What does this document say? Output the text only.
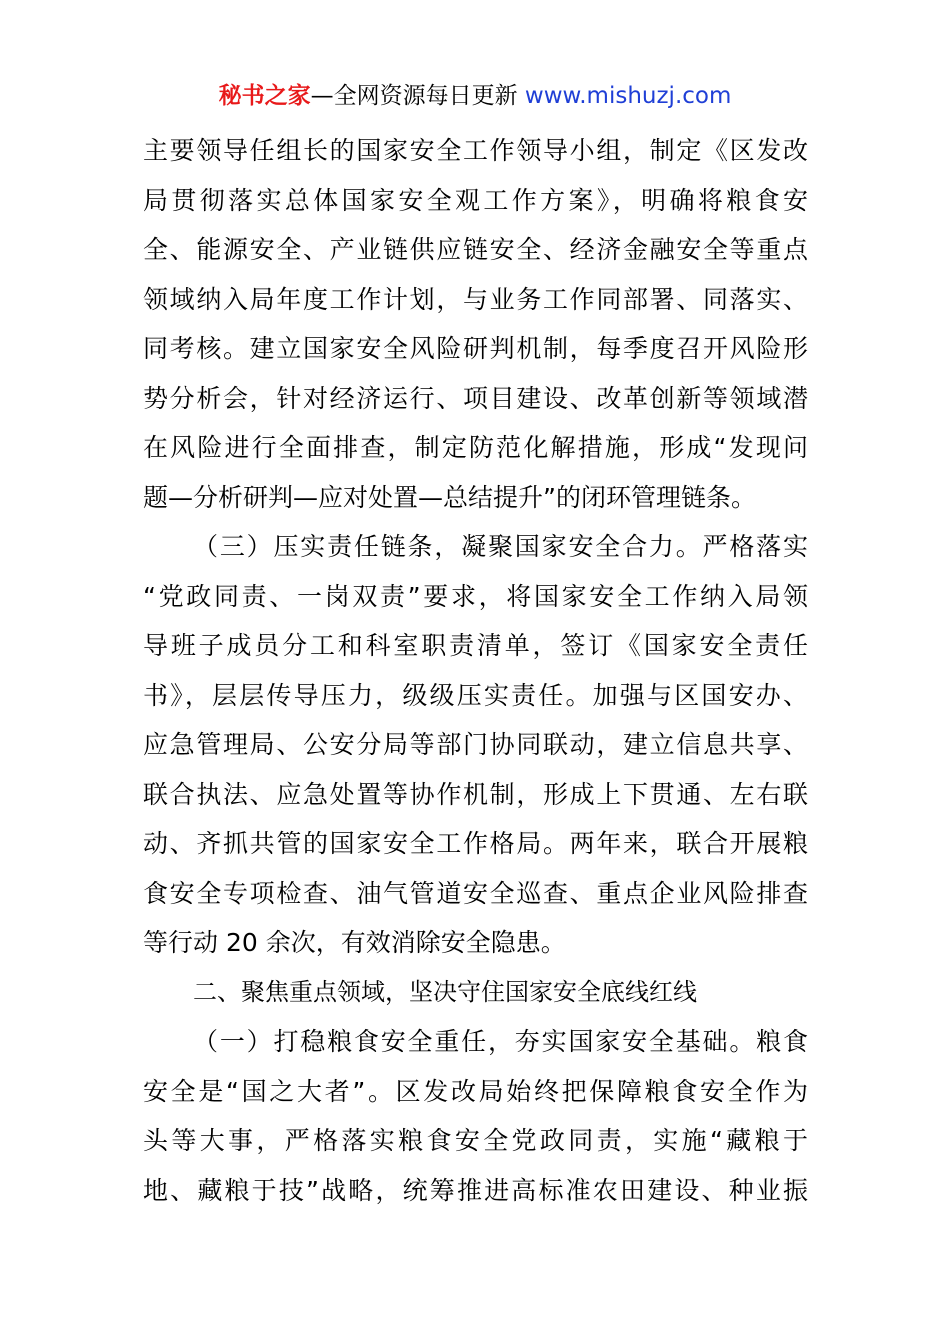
秘书之家—全网资源每日更新 www.mishuzj.com
主要领导任组长的国家安全工作领导小组，制定《区发改
局贯彻落实总体国家安全观工作方案》，明确将粮食安
全、能源安全、产业链供应链安全、经济金融安全等重点
领域纳入局年度工作计划，与业务工作同部署、同落实、
同考核。建立国家安全风险研判机制，每季度召开风险形
势分析会，针对经济运行、项目建设、改革创新等领域潜
在风险进行全面排查，制定防范化解措施，形成“发现问
题—分析研判—应对处置—总结提升”的闭环管理链条。
（三）压实责任链条，凝聚国家安全合力。严格落实
“党政同责、一岗双责”要求，将国家安全工作纳入局领
导班子成员分工和科室职责清单，签订《国家安全责任
书》，层层传导压力，级级压实责任。加强与区国安办、
应急管理局、公安分局等部门协同联动，建立信息共享、
联合执法、应急处置等协作机制，形成上下贯通、左右联
动、齐抓共管的国家安全工作格局。两年来，联合开展粮
食安全专项检查、油气管道安全巡查、重点企业风险排查
等行动 20 余次，有效消除安全隐患。
二、聚焦重点领域，坚决守住国家安全底线红线
（一）打稳粮食安全重任，夯实国家安全基础。粮食
安全是“国之大者”。区发改局始终把保障粮食安全作为
头等大事，严格落实粮食安全党政同责，实施“藏粮于
地、藏粮于技”战略，统筹推进高标准农田建设、种业振
